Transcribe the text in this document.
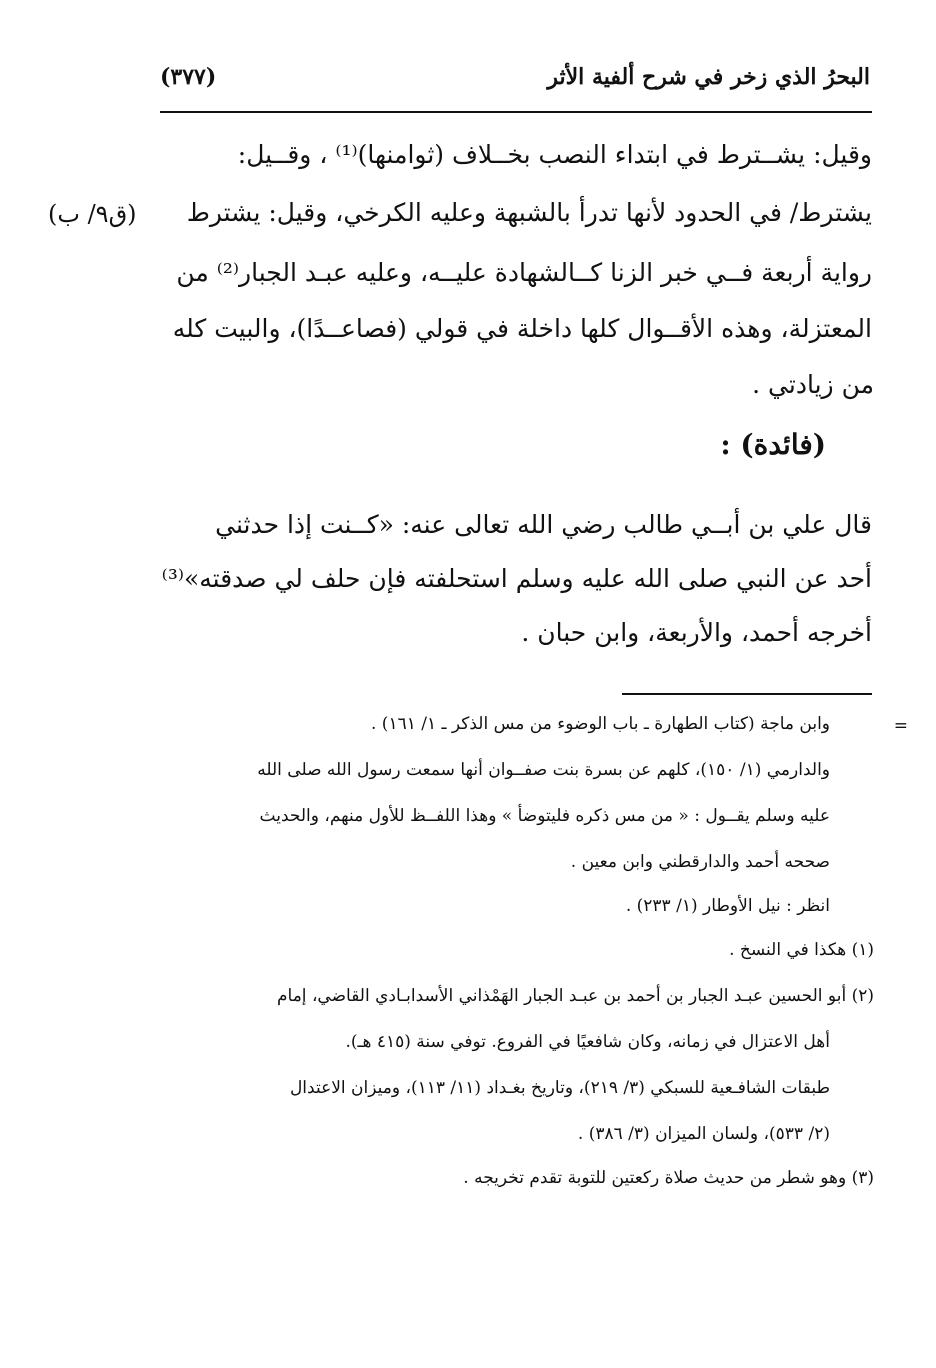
البحرُ الذي زخر في شرح ألفية الأثر
(٣٧٧)
وقيل: يشــترط في ابتداء النصب بخــلاف (ثوامنها)⁽¹⁾ ، وقــيل:
يشترط/ في الحدود لأنها تدرأ بالشبهة وعليه الكرخي، وقيل: يشترط
(ق٩/ ب)
رواية أربعة فــي خبر الزنا كــالشهادة عليــه، وعليه عبـد الجبار⁽²⁾ من
المعتزلة، وهذه الأقــوال كلها داخلة في قولي (فصاعــدًا)، والبيت كله
من زيادتي .
(فائدة) :
قال علي بن أبــي طالب رضي الله تعالى عنه: «كــنت إذا حدثني
أحد عن النبي صلى الله عليه وسلم استحلفته فإن حلف لي صدقته»⁽³⁾
أخرجه أحمد، والأربعة، وابن حبان .
=
وابن ماجة (كتاب الطهارة ـ باب الوضوء من مس الذكر ـ ١/ ١٦١) .
والدارمي (١/ ١٥٠)، كلهم عن بسرة بنت صفــوان أنها سمعت رسول الله صلى الله
عليه وسلم يقــول : « من مس ذكره فليتوضأ » وهذا اللفــظ للأول منهم، والحديث
صححه أحمد والدارقطني وابن معين .
انظر : نيل الأوطار (١/ ٢٣٣) .
(١) هكذا في النسخ .
(٢) أبو الحسين عبـد الجبار بن أحمد بن عبـد الجبار الهَمْذاني الأسدابـادي القاضي، إمام
أهل الاعتزال في زمانه، وكان شافعيًا في الفروع. توفي سنة (٤١٥ هـ).
طبقات الشافـعية للسبكي (٣/ ٢١٩)، وتاريخ بغـداد (١١/ ١١٣)، وميزان الاعتدال
(٢/ ٥٣٣)، ولسان الميزان (٣/ ٣٨٦) .
(٣) وهو شطر من حديث صلاة ركعتين للتوبة تقدم تخريجه .
